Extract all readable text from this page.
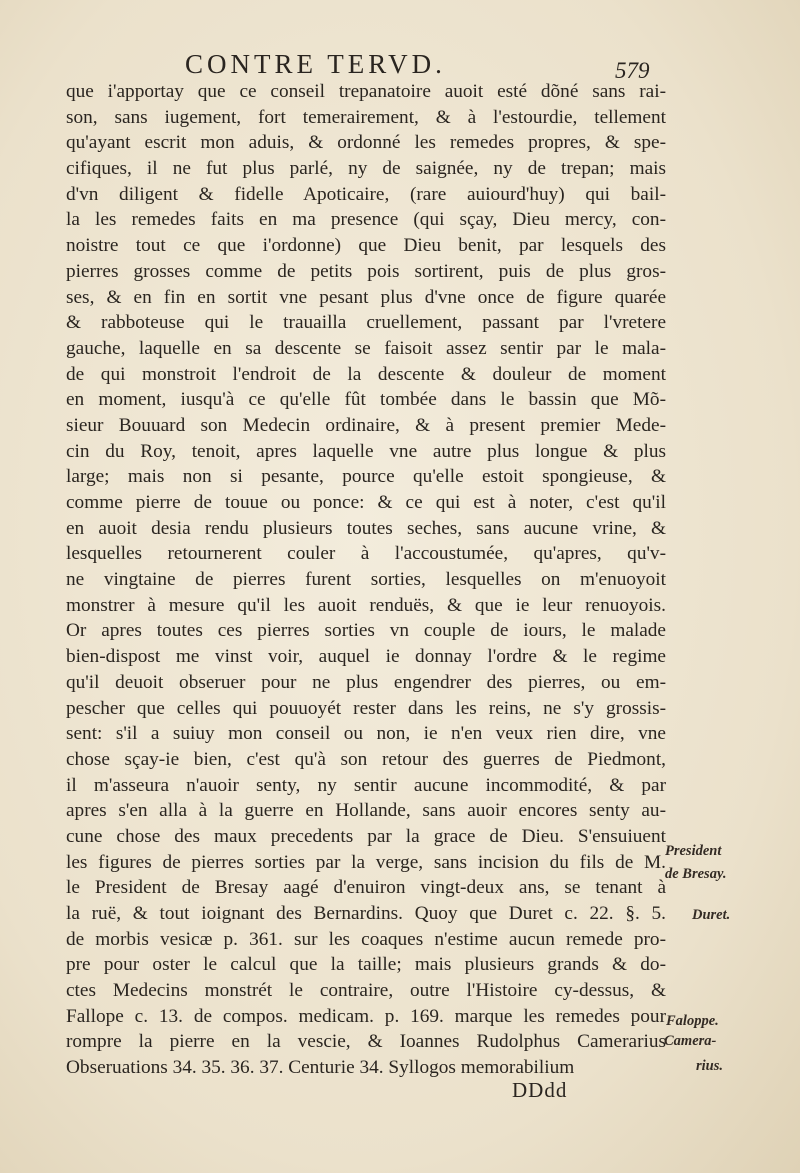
CONTRE TERVD.	579
que i'apportay que ce conseil trepanatoire auoit esté dõné sans rai-
son, sans iugement, fort temerairement, & à l'estourdie, tellement
qu'ayant escrit mon aduis, & ordonné les remedes propres, & spe-
cifiques, il ne fut plus parlé, ny de saignée, ny de trepan; mais
d'vn diligent & fidelle Apoticaire, (rare auiourd'huy) qui bail-
la les remedes faits en ma presence (qui sçay, Dieu mercy, con-
noistre tout ce que i'ordonne) que Dieu benit, par lesquels des
pierres grosses comme de petits pois sortirent, puis de plus gros-
ses, & en fin en sortit vne pesant plus d'vne once de figure quarée
& rabboteuse qui le trauailla cruellement, passant par l'vretere
gauche, laquelle en sa descente se faisoit assez sentir par le mala-
de qui monstroit l'endroit de la descente & douleur de moment
en moment, iusqu'à ce qu'elle fût tombée dans le bassin que Mõ-
sieur Bouuard son Medecin ordinaire, & à present premier Mede-
cin du Roy, tenoit, apres laquelle vne autre plus longue & plus
large; mais non si pesante, pource qu'elle estoit spongieuse, &
comme pierre de touue ou ponce: & ce qui est à noter, c'est qu'il
en auoit desia rendu plusieurs toutes seches, sans aucune vrine, &
lesquelles retournerent couler à l'accoustumée, qu'apres, qu'v-
ne vingtaine de pierres furent sorties, lesquelles on m'enuoyoit
monstrer à mesure qu'il les auoit renduës, & que ie leur renuoyois.
Or apres toutes ces pierres sorties vn couple de iours, le malade
bien-dispost me vinst voir, auquel ie donnay l'ordre & le regime
qu'il deuoit obseruer pour ne plus engendrer des pierres, ou em-
pescher que celles qui pouuoyét rester dans les reins, ne s'y grossis-
sent: s'il a suiuy mon conseil ou non, ie n'en veux rien dire, vne
chose sçay-ie bien, c'est qu'à son retour des guerres de Piedmont,
il m'asseura n'auoir senty, ny sentir aucune incommodité, & par
apres s'en alla à la guerre en Hollande, sans auoir encores senty au-
cune chose des maux precedents par la grace de Dieu. S'ensuiuent
les figures de pierres sorties par la verge, sans incision du fils de M.
le President de Bresay aagé d'enuiron vingt-deux ans, se tenant à
la ruë, & tout ioignant des Bernardins. Quoy que Duret c. 22. §. 5.
de morbis vesicæ p. 361. sur les coaques n'estime aucun remede pro-
pre pour oster le calcul que la taille; mais plusieurs grands & do-
ctes Medecins monstrét le contraire, outre l'Histoire cy-dessus, &
Fallope c. 13. de compos. medicam. p. 169. marque les remedes pour
rompre la pierre en la vescie, & Ioannes Rudolphus Camerarius
Obseruations 34. 35. 36. 37. Centurie 34. Syllogos memorabilium
President
de Bresay.
Duret.
Faloppe.
Camera-
rius.
DDdd
